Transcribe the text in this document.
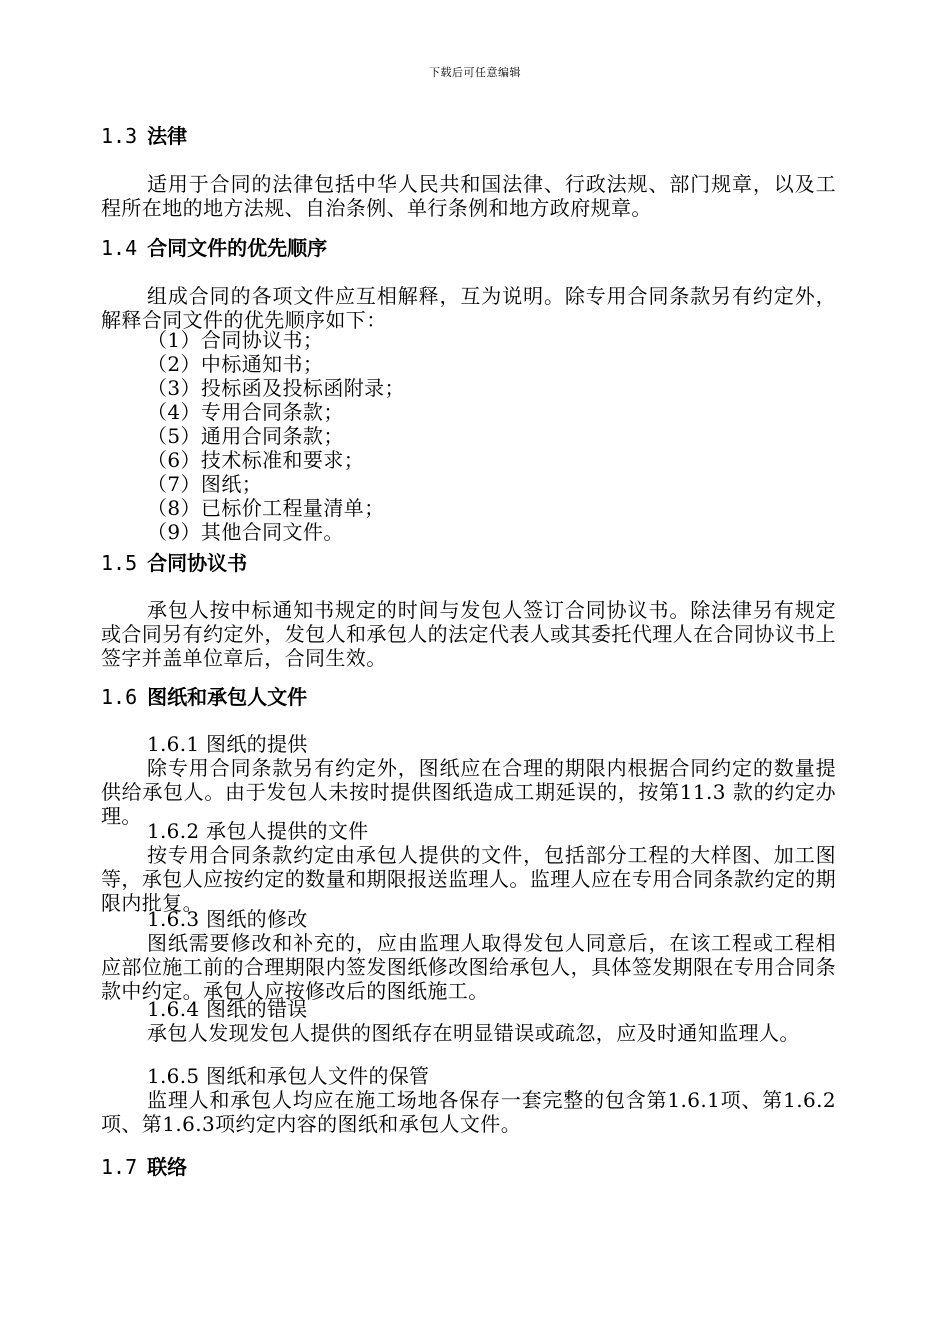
下载后可任意编辑
1.3 法律
适用于合同的法律包括中华人民共和国法律、行政法规、部门规章，以及工程所在地的地方法规、自治条例、单行条例和地方政府规章。
1.4 合同文件的优先顺序
组成合同的各项文件应互相解释，互为说明。除专用合同条款另有约定外，解释合同文件的优先顺序如下：
（1）合同协议书；
（2）中标通知书；
（3）投标函及投标函附录；
（4）专用合同条款；
（5）通用合同条款；
（6）技术标准和要求；
（7）图纸；
（8）已标价工程量清单；
（9）其他合同文件。
1.5 合同协议书
承包人按中标通知书规定的时间与发包人签订合同协议书。除法律另有规定或合同另有约定外，发包人和承包人的法定代表人或其委托代理人在合同协议书上签字并盖单位章后，合同生效。
1.6 图纸和承包人文件
1.6.1 图纸的提供
除专用合同条款另有约定外，图纸应在合理的期限内根据合同约定的数量提供给承包人。由于发包人未按时提供图纸造成工期延误的，按第11.3 款的约定办理。
1.6.2 承包人提供的文件
按专用合同条款约定由承包人提供的文件，包括部分工程的大样图、加工图等，承包人应按约定的数量和期限报送监理人。监理人应在专用合同条款约定的期限内批复。
1.6.3 图纸的修改
图纸需要修改和补充的，应由监理人取得发包人同意后，在该工程或工程相应部位施工前的合理期限内签发图纸修改图给承包人，具体签发期限在专用合同条款中约定。承包人应按修改后的图纸施工。
1.6.4 图纸的错误
承包人发现发包人提供的图纸存在明显错误或疏忽，应及时通知监理人。
1.6.5 图纸和承包人文件的保管
监理人和承包人均应在施工场地各保存一套完整的包含第1.6.1项、第1.6.2项、第1.6.3项约定内容的图纸和承包人文件。
1.7 联络
